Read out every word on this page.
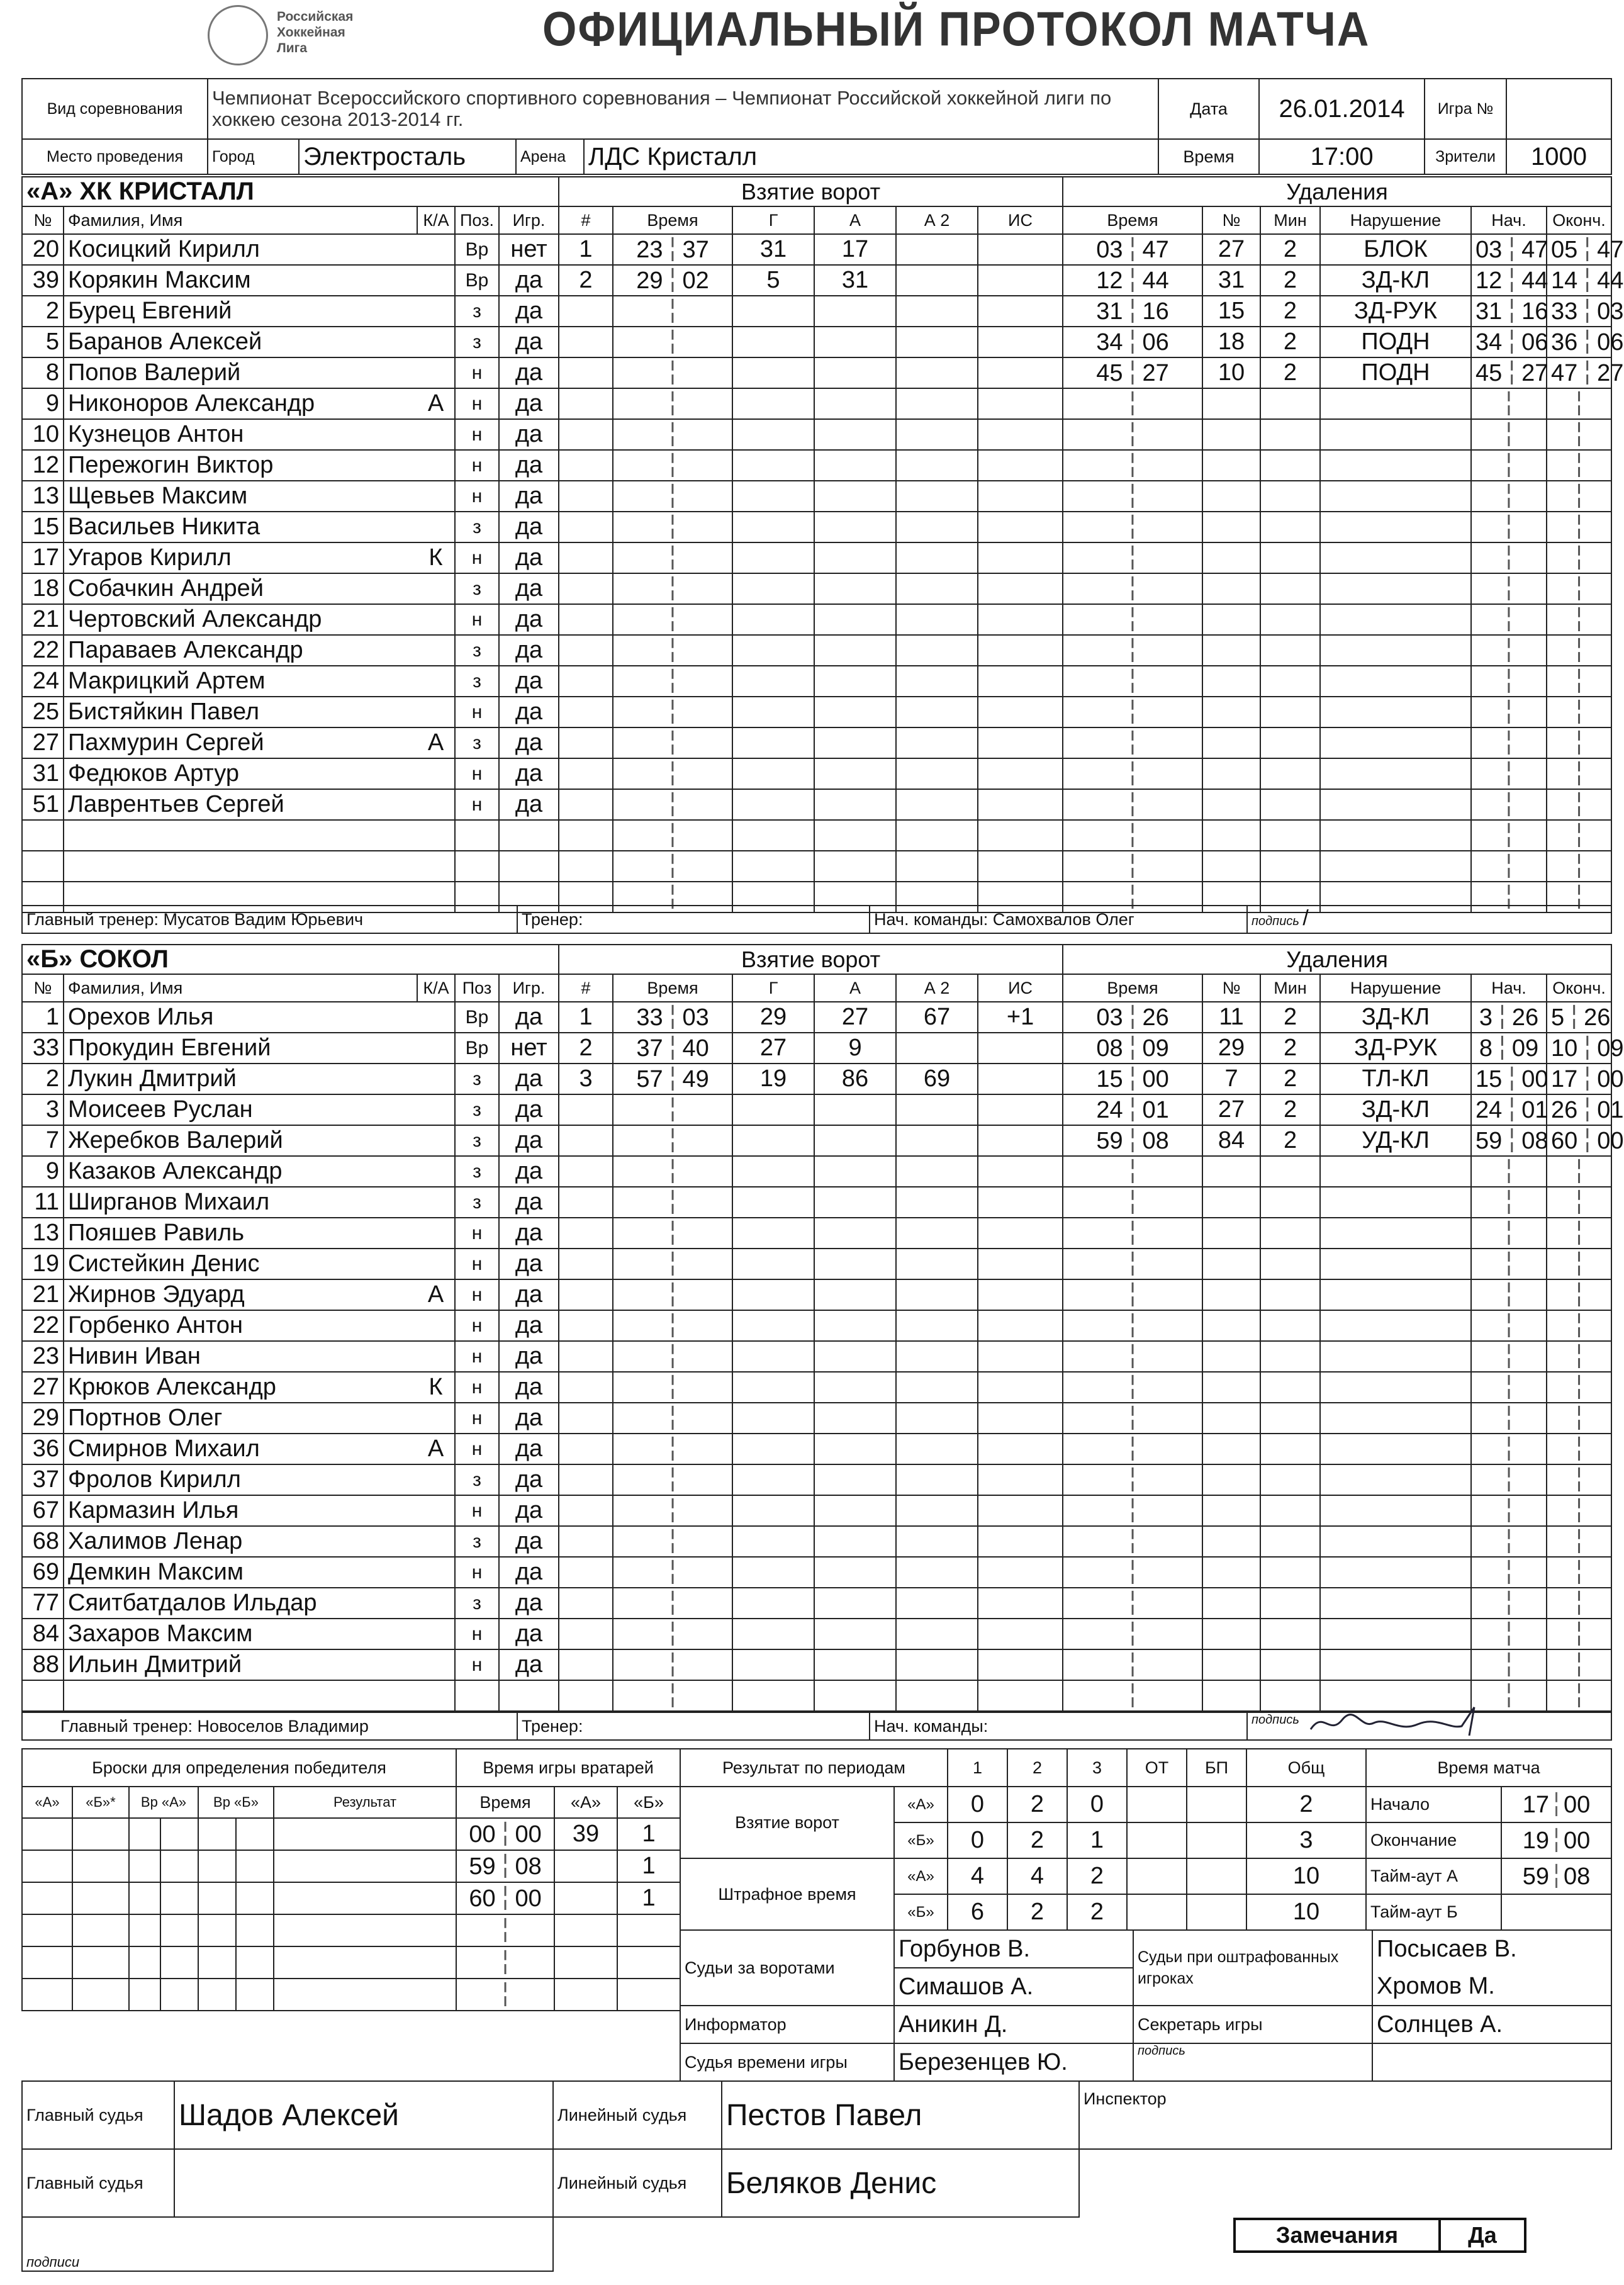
Российская
Хоккейная
Лига	ОФИЦИАЛЬНЫЙ ПРОТОКОЛ МАТЧА
Вид соревнования	Чемпионат Всероссийского спортивного соревнования – Чемпионат Российской хоккейной лиги по хоккею сезона 2013-2014 гг.				Дата	26.01.2014	Игра №	
Место проведения	Город	Электросталь	Арена	ЛДС Кристалл	Время	17:00	Зрители	1000
«А» ХК КРИСТАЛЛ					Взятие ворот						Удаления					
№	Фамилия, Имя	К/А	Поз.	Игр.	#	Время	Г	А	А 2	ИС	Время	№	Мин	Нарушение	Нач.	Оконч.
20	Косицкий Кирилл		Вр	нет	1	23 ╎ 37	31	17			03 ╎ 47	27	2	БЛОК	03 ╎ 47	05 ╎ 47
39	Корякин Максим		Вр	да	2	29 ╎ 02	5	31			12 ╎ 44	31	2	ЗД-КЛ	12 ╎ 44	14 ╎ 44
2	Бурец Евгений		з	да		╎					31 ╎ 16	15	2	ЗД-РУК	31 ╎ 16	33 ╎ 03
5	Баранов Алексей		з	да		╎					34 ╎ 06	18	2	ПОДН	34 ╎ 06	36 ╎ 06
8	Попов Валерий		н	да		╎					45 ╎ 27	10	2	ПОДН	45 ╎ 27	47 ╎ 27
9	Никоноров Александр	А	н	да		╎					╎				╎	╎
10	Кузнецов Антон		н	да		╎					╎				╎	╎
12	Пережогин Виктор		н	да		╎					╎				╎	╎
13	Щевьев Максим		н	да		╎					╎				╎	╎
15	Васильев Никита		з	да		╎					╎				╎	╎
17	Угаров Кирилл	К	н	да		╎					╎				╎	╎
18	Собачкин Андрей		з	да		╎					╎				╎	╎
21	Чертовский Александр		н	да		╎					╎				╎	╎
22	Параваев Александр		з	да		╎					╎				╎	╎
24	Макрицкий Артем		з	да		╎					╎				╎	╎
25	Бистяйкин Павел		н	да		╎					╎				╎	╎
27	Пахмурин Сергей	А	з	да		╎					╎				╎	╎
31	Федюков Артур		н	да		╎					╎				╎	╎
51	Лаврентьев Сергей		н	да		╎					╎				╎	╎
						╎					╎				╎	╎
						╎					╎				╎	╎
						╎					╎				╎	╎
Главный тренер: Мусатов Вадим Юрьевич	Тренер:	Нач. команды: Самохвалов Олег	подпись /
«Б» СОКОЛ					Взятие ворот						Удаления					
№	Фамилия, Имя	К/А	Поз	Игр.	#	Время	Г	А	А 2	ИС	Время	№	Мин	Нарушение	Нач.	Оконч.
1	Орехов Илья		Вр	да	1	33 ╎ 03	29	27	67	+1	03 ╎ 26	11	2	ЗД-КЛ	3 ╎ 26	5 ╎ 26
33	Прокудин Евгений		Вр	нет	2	37 ╎ 40	27	9			08 ╎ 09	29	2	ЗД-РУК	8 ╎ 09	10 ╎ 09
2	Лукин Дмитрий		з	да	3	57 ╎ 49	19	86	69		15 ╎ 00	7	2	ТЛ-КЛ	15 ╎ 00	17 ╎ 00
3	Моисеев Руслан		з	да		╎					24 ╎ 01	27	2	ЗД-КЛ	24 ╎ 01	26 ╎ 01
7	Жеребков Валерий		з	да		╎					59 ╎ 08	84	2	УД-КЛ	59 ╎ 08	60 ╎ 00
9	Казаков Александр		з	да		╎					╎				╎	╎
11	Ширганов Михаил		з	да		╎					╎				╎	╎
13	Пояшев Равиль		н	да		╎					╎				╎	╎
19	Систейкин Денис		н	да		╎					╎				╎	╎
21	Жирнов Эдуард	А	н	да		╎					╎				╎	╎
22	Горбенко Антон		н	да		╎					╎				╎	╎
23	Нивин Иван		н	да		╎					╎				╎	╎
27	Крюков Александр	К	н	да		╎					╎				╎	╎
29	Портнов Олег		н	да		╎					╎				╎	╎
36	Смирнов Михаил	А	н	да		╎					╎				╎	╎
37	Фролов Кирилл		з	да		╎					╎				╎	╎
67	Кармазин Илья		н	да		╎					╎				╎	╎
68	Халимов Ленар		з	да		╎					╎				╎	╎
69	Демкин Максим		н	да		╎					╎				╎	╎
77	Сяитбатдалов Ильдар		з	да		╎					╎				╎	╎
84	Захаров Максим		н	да		╎					╎				╎	╎
88	Ильин Дмитрий		н	да		╎					╎				╎	╎
						╎					╎				╎	╎
Главный тренер: Новоселов Владимир	Тренер:	Нач. команды:	подпись
Броски для определения победителя							Время игры вратарей		
«А»	«Б»*	Вр «А»		Вр «Б»		Результат	Время	«А»	«Б»
							00 ╎ 00	39	1
							59 ╎ 08		1
							60 ╎ 00		1
							╎		
							╎		
							╎		
Результат по периодам		1	2	3	ОТ	БП	Общ
Взятие ворот	«А»	0	2	0			2
	«Б»	0	2	1			3
Штрафное время	«А»	4	4	2			10
	«Б»	6	2	2			10
Время матча	
Начало	17╎00
Окончание	19╎00
Тайм-аут А	59╎08
Тайм-аут Б	
Судьи за воротами	Горбунов В.	Судьи при оштрафованных игроках	Посысаев В.
	Симашов А.		Хромов М.
Информатор	Аникин Д.	Секретарь игры	Солнцев А.
Судья времени игры	Березенцев Ю.	подпись	
Главный судья	Шадов Алексей	Линейный судья	Пестов Павел	Инспектор
Главный судья		Линейный судья	Беляков Денис	
подписи				
Замечания	Да
